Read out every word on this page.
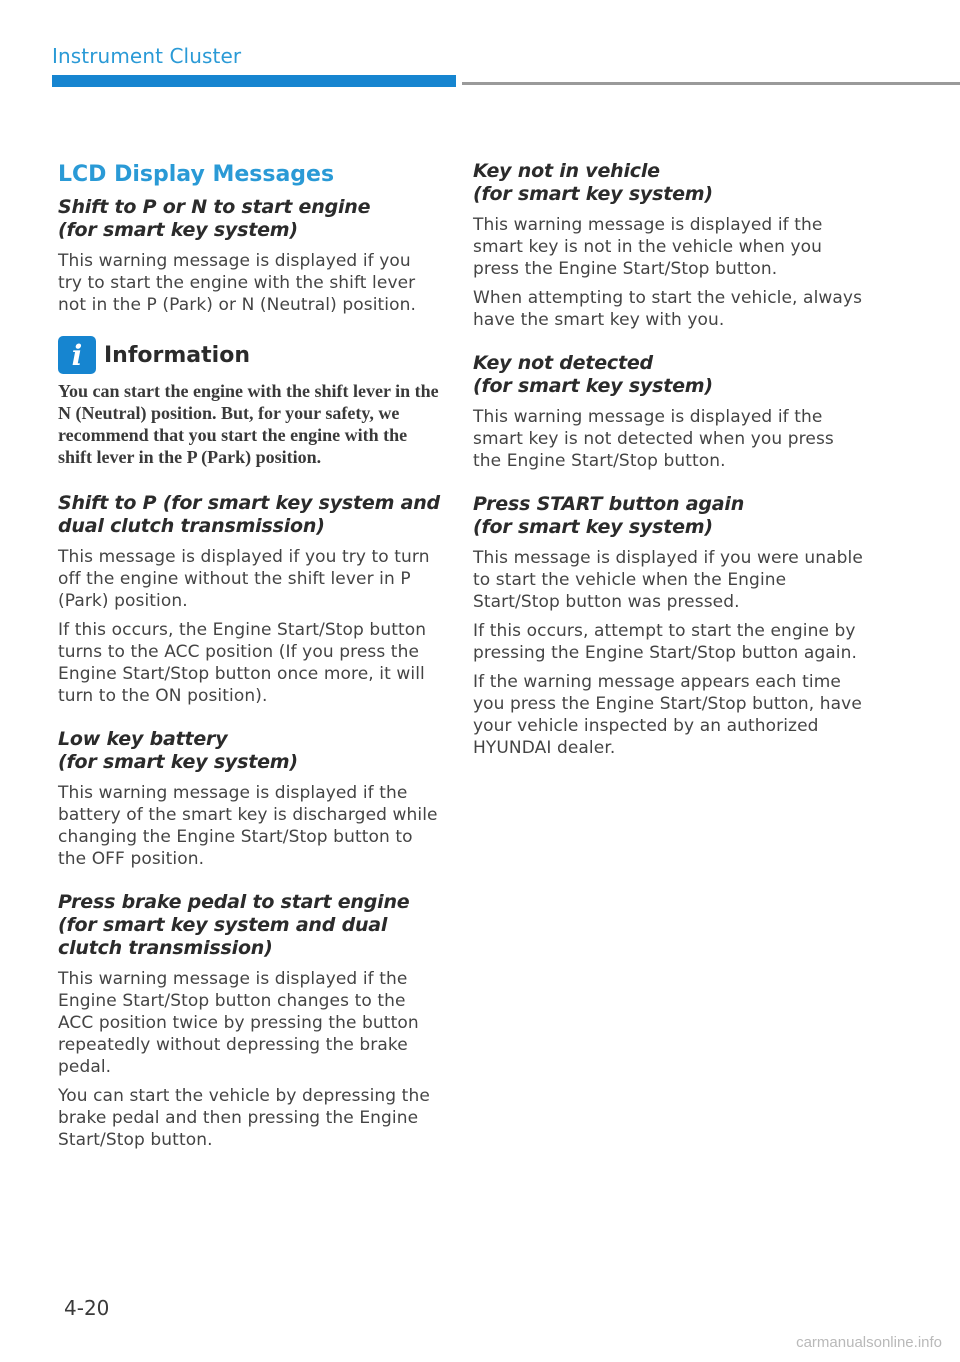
Instrument Cluster
LCD Display Messages
Shift to P or N to start engine
(for smart key system)

This warning message is displayed if you try to start the engine with the shift lever not in the P (Park) or N (Neutral) position.

i Information

You can start the engine with the shift lever in the N (Neutral) position. But, for your safety, we recommend that you start the engine with the shift lever in the P (Park) position.

Shift to P (for smart key system and
dual clutch transmission)

This message is displayed if you try to turn off the engine without the shift lever in P (Park) position.

If this occurs, the Engine Start/Stop button turns to the ACC position (If you press the Engine Start/Stop button once more, it will turn to the ON position).

Low key battery
(for smart key system)

This warning message is displayed if the battery of the smart key is discharged while changing the Engine Start/Stop button to the OFF position.

Press brake pedal to start engine
(for smart key system and dual
clutch transmission)

This warning message is displayed if the Engine Start/Stop button changes to the ACC position twice by pressing the button repeatedly without depressing the brake pedal.

You can start the vehicle by depressing the brake pedal and then pressing the Engine Start/Stop button.

Key not in vehicle
(for smart key system)

This warning message is displayed if the smart key is not in the vehicle when you press the Engine Start/Stop button.

When attempting to start the vehicle, always have the smart key with you.

Key not detected
(for smart key system)

This warning message is displayed if the smart key is not detected when you press the Engine Start/Stop button.

Press START button again
(for smart key system)

This message is displayed if you were unable to start the vehicle when the Engine Start/Stop button was pressed.

If this occurs, attempt to start the engine by pressing the Engine Start/Stop button again.

If the warning message appears each time you press the Engine Start/Stop button, have your vehicle inspected by an authorized HYUNDAI dealer.

4-20
carmanualsonline.info
